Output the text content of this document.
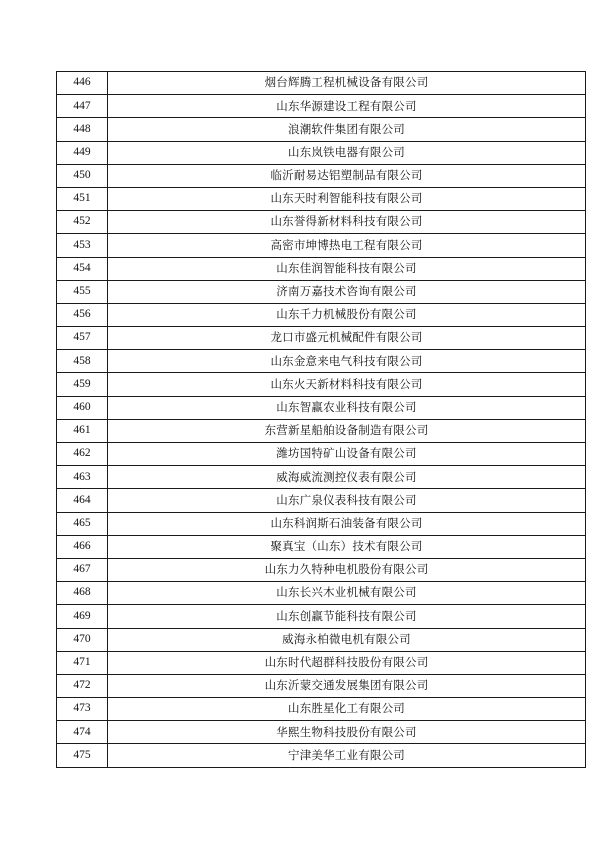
446	烟台辉腾工程机械设备有限公司
447	山东华源建设工程有限公司
448	浪潮软件集团有限公司
449	山东岚铁电器有限公司
450	临沂耐易达铝塑制品有限公司
451	山东天时利智能科技有限公司
452	山东誉得新材料科技有限公司
453	高密市坤博热电工程有限公司
454	山东佳润智能科技有限公司
455	济南万嘉技术咨询有限公司
456	山东千力机械股份有限公司
457	龙口市盛元机械配件有限公司
458	山东金意来电气科技有限公司
459	山东火天新材料科技有限公司
460	山东智赢农业科技有限公司
461	东营新星船舶设备制造有限公司
462	潍坊国特矿山设备有限公司
463	威海威流测控仪表有限公司
464	山东广泉仪表科技有限公司
465	山东科润斯石油装备有限公司
466	聚真宝（山东）技术有限公司
467	山东力久特种电机股份有限公司
468	山东长兴木业机械有限公司
469	山东创赢节能科技有限公司
470	威海永柏微电机有限公司
471	山东时代超群科技股份有限公司
472	山东沂蒙交通发展集团有限公司
473	山东胜星化工有限公司
474	华熙生物科技股份有限公司
475	宁津美华工业有限公司
